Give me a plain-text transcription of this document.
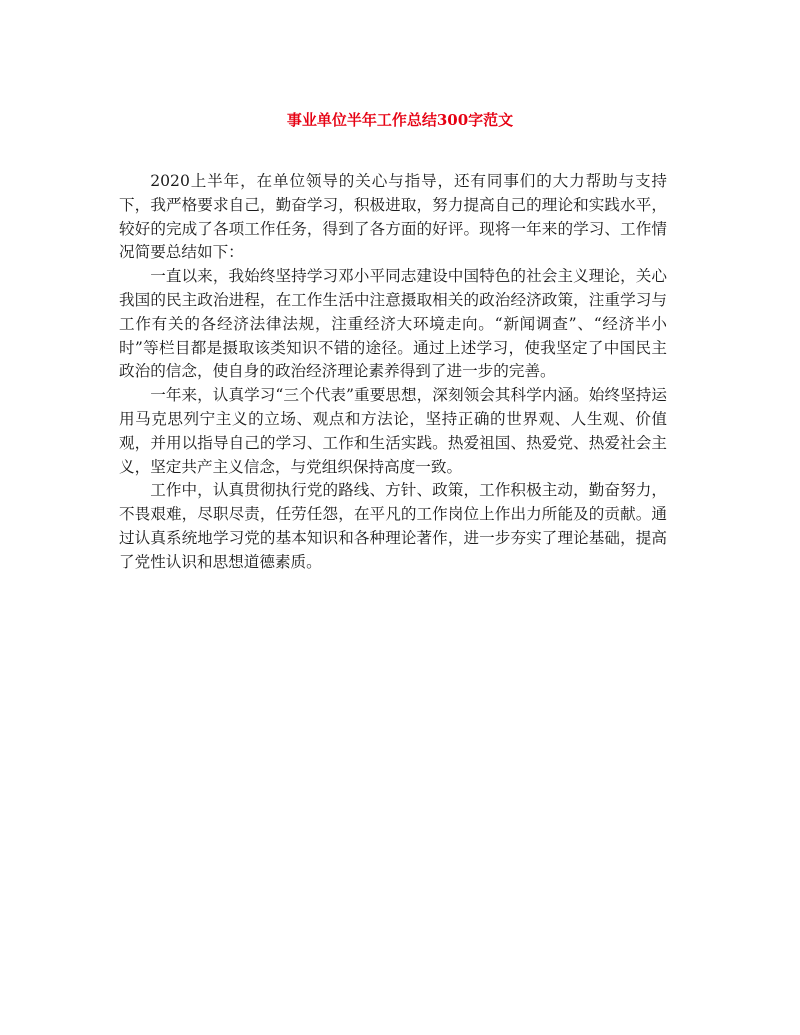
事业单位半年工作总结300字范文

2020上半年，在单位领导的关心与指导，还有同事们的大力帮助与支持下，我严格要求自己，勤奋学习，积极进取，努力提高自己的理论和实践水平，较好的完成了各项工作任务，得到了各方面的好评。现将一年来的学习、工作情况简要总结如下：

一直以来，我始终坚持学习邓小平同志建设中国特色的社会主义理论，关心我国的民主政治进程，在工作生活中注意摄取相关的政治经济政策，注重学习与工作有关的各经济法律法规，注重经济大环境走向。“新闻调查”、“经济半小时”等栏目都是摄取该类知识不错的途径。通过上述学习，使我坚定了中国民主政治的信念，使自身的政治经济理论素养得到了进一步的完善。

一年来，认真学习“三个代表”重要思想，深刻领会其科学内涵。始终坚持运用马克思列宁主义的立场、观点和方法论，坚持正确的世界观、人生观、价值观，并用以指导自己的学习、工作和生活实践。热爱祖国、热爱党、热爱社会主义，坚定共产主义信念，与党组织保持高度一致。

工作中，认真贯彻执行党的路线、方针、政策，工作积极主动，勤奋努力，不畏艰难，尽职尽责，任劳任怨，在平凡的工作岗位上作出力所能及的贡献。通过认真系统地学习党的基本知识和各种理论著作，进一步夯实了理论基础，提高了党性认识和思想道德素质。
